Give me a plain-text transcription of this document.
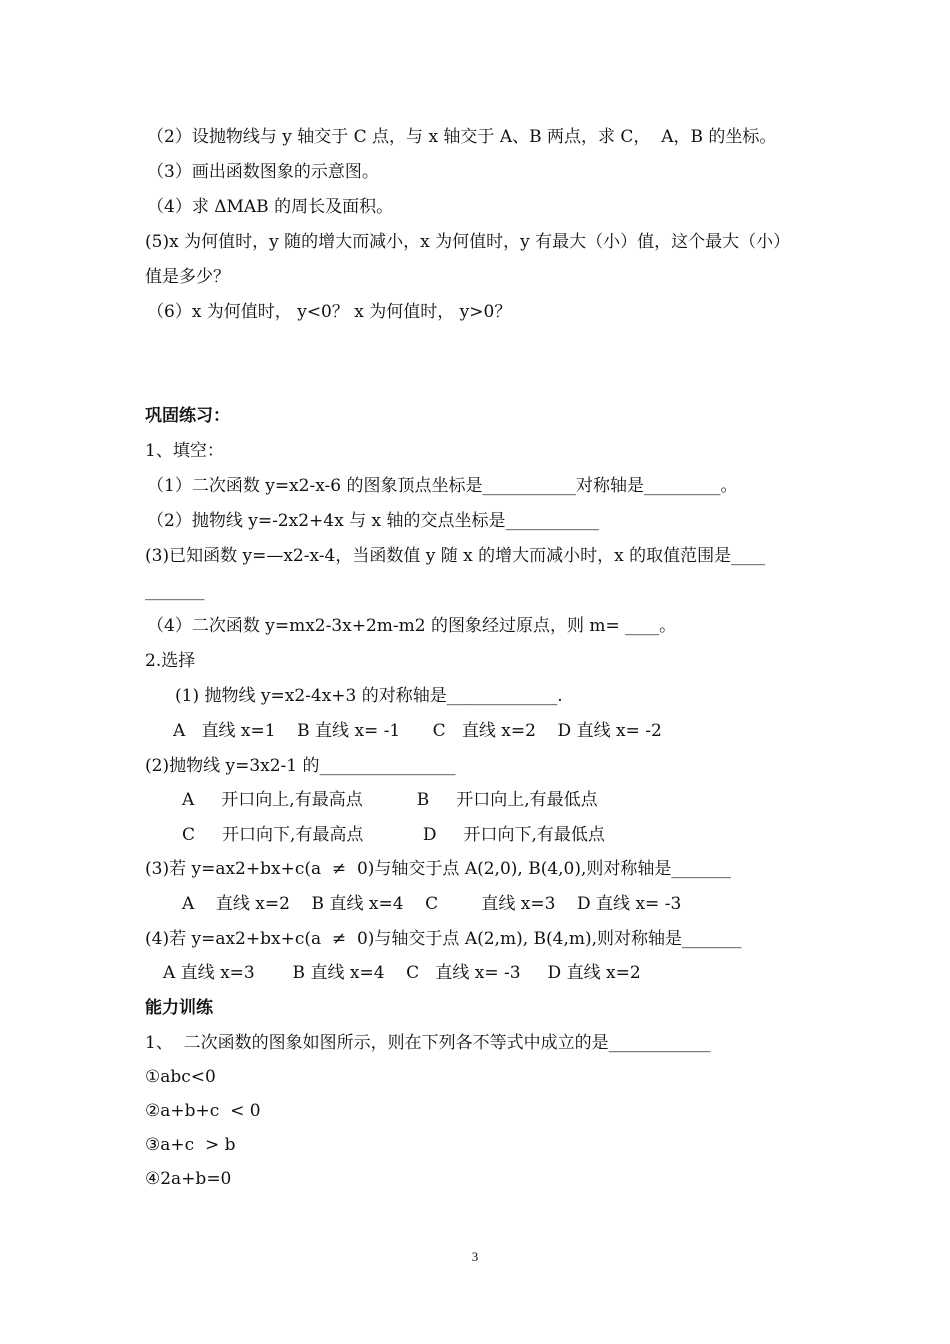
（2）设抛物线与 y 轴交于 C 点，与 x 轴交于 A、B 两点，求 C，  A，B 的坐标。
（3）画出函数图象的示意图。
（4）求 ΔMAB 的周长及面积。
(5)x 为何值时，y 随的增大而减小，x 为何值时，y 有最大（小）值，这个最大（小）
值是多少？
（6）x 为何值时， y<0？ x 为何值时， y>0？
巩固练习：
1、填空：
（1）二次函数 y=x2-x-6 的图象顶点坐标是___________对称轴是_________。
（2）抛物线 y=-2x2+4x 与 x 轴的交点坐标是___________
(3)已知函数 y=—x2-x-4，当函数值 y 随 x 的增大而减小时，x 的取值范围是____
_______
（4）二次函数 y=mx2-3x+2m-m2 的图象经过原点，则 m= ____。
2.选择
(1) 抛物线 y=x2-4x+3 的对称轴是_____________.
A   直线 x=1    B 直线 x= -1      C   直线 x=2    D 直线 x= -2
(2)抛物线 y=3x2-1 的________________
A     开口向上,有最高点          B     开口向上,有最低点
C     开口向下,有最高点           D     开口向下,有最低点
(3)若 y=ax2+bx+c(a  ≠  0)与轴交于点 A(2,0), B(4,0),则对称轴是_______
A    直线 x=2    B 直线 x=4    C        直线 x=3    D 直线 x= -3
(4)若 y=ax2+bx+c(a  ≠  0)与轴交于点 A(2,m), B(4,m),则对称轴是_______
A 直线 x=3       B 直线 x=4    C   直线 x= -3     D 直线 x=2
能力训练
1、  二次函数的图象如图所示，则在下列各不等式中成立的是____________
①abc<0
②a+b+c  < 0
③a+c  > b
④2a+b=0
3
